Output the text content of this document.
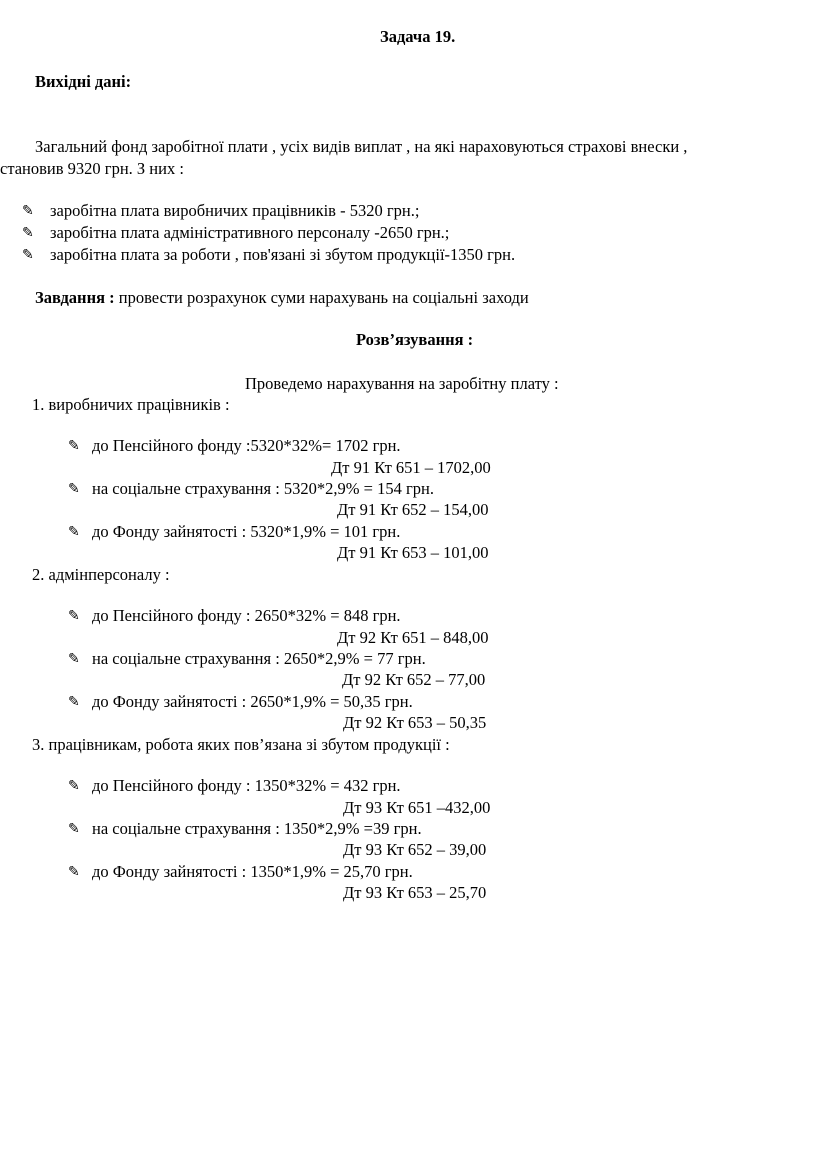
Задача 19.
Вихідні дані:
Загальний фонд заробітної плати , усіх видів виплат , на які нараховуються страхові внески ,
становив 9320 грн. З них :
✎ заробітна плата виробничих працівників - 5320 грн.;
✎ заробітна плата адміністративного персоналу -2650 грн.;
✎ заробітна плата за роботи , пов'язані зі збутом продукції-1350 грн.
Завдання : провести розрахунок суми нарахувань на соціальні заходи
Розв’язування :
Проведемо нарахування на заробітну плату :
1. виробничих працівників :
✎ до Пенсійного фонду :5320*32%= 1702 грн.
Дт 91 Кт 651 – 1702,00
✎ на соціальне страхування : 5320*2,9% = 154 грн.
Дт 91 Кт 652 – 154,00
✎ до Фонду зайнятості : 5320*1,9% = 101 грн.
Дт 91 Кт 653 – 101,00
2. адмінперсоналу :
✎ до Пенсійного фонду : 2650*32% = 848 грн.
Дт 92 Кт 651 – 848,00
✎ на соціальне страхування : 2650*2,9% = 77 грн.
Дт 92 Кт 652 – 77,00
✎ до Фонду зайнятості : 2650*1,9% = 50,35 грн.
Дт 92 Кт 653 – 50,35
3. працівникам, робота яких пов’язана зі збутом продукції :
✎ до Пенсійного фонду : 1350*32% = 432 грн.
Дт 93 Кт 651 –432,00
✎ на соціальне страхування : 1350*2,9% =39 грн.
Дт 93 Кт 652 – 39,00
✎ до Фонду зайнятості : 1350*1,9% = 25,70 грн.
Дт 93 Кт 653 – 25,70
